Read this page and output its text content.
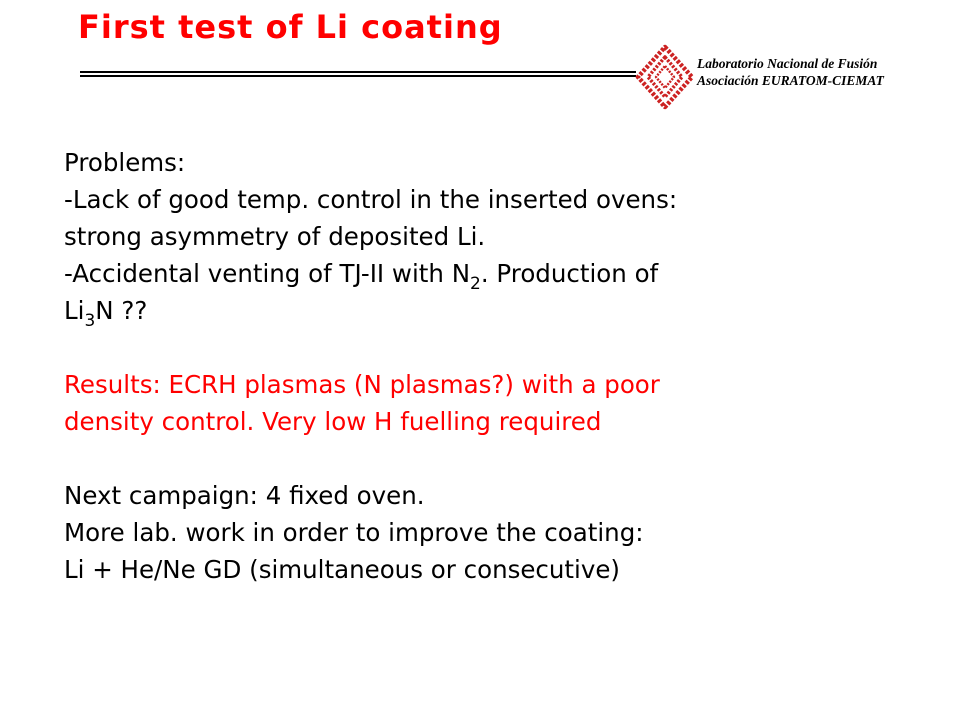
First test of Li coating
Laboratorio Nacional de Fusión
Asociación EURATOM-CIEMAT

Problems:

-Lack of good temp. control in the inserted ovens:

strong asymmetry of deposited Li.

-Accidental venting of TJ-II with $N_2$. Production of

$Li_3N$ ??

Results: ECRH plasmas (N plasmas?) with a poor

density control. Very low H fuelling required

Next campaign: 4 fixed oven.

More lab. work in order to improve the coating:

Li + He/Ne GD (simultaneous or consecutive)
